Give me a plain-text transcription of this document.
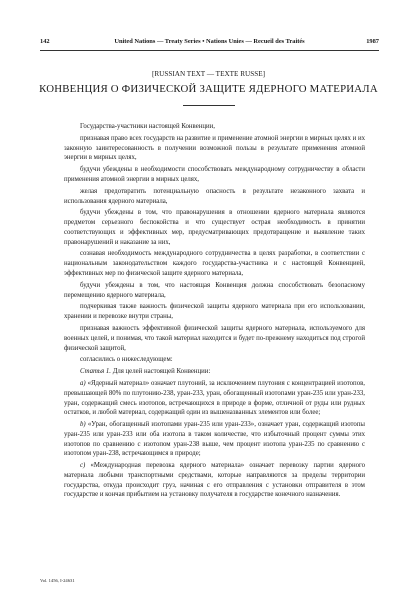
142	United Nations — Treaty Series • Nations Unies — Recueil des Traités	1987
[RUSSIAN TEXT — TEXTE RUSSE]
КОНВЕНЦИЯ О ФИЗИЧЕСКОЙ ЗАЩИТЕ ЯДЕРНОГО МАТЕРИАЛА

Государства-участники настоящей Конвенции,

признавая право всех государств на развитие и применение атомной энергии в мирных целях и их законную заинтересованность в получении возможной пользы в результате применения атомной энергии в мирных целях,

будучи убеждены в необходимости способствовать международному сотрудничеству в области применения атомной энергии в мирных целях,

желая предотвратить потенциальную опасность в результате незаконного захвата и использования ядерного материала,

будучи убеждены в том, что правонарушения в отношении ядерного материала являются предметом серьезного беспокойства и что существует острая необходимость в принятии соответствующих и эффективных мер, предусматривающих предотвращение и выявление таких правонарушений и наказание за них,

сознавая необходимость международного сотрудничества в целях разработки, в соответствии с национальным законодательством каждого государства-участника и с настоящей Конвенцией, эффективных мер по физической защите ядерного материала,

будучи убеждены в том, что настоящая Конвенция должна способствовать безопасному перемещению ядерного материала,

подчеркивая также важность физической защиты ядерного материала при его использовании, хранении и перевозке внутри страны,

признавая важность эффективной физической защиты ядерного материала, используемого для военных целей, и понимая, что такой материал находится и будет по-прежнему находиться под строгой физической защитой,

согласились о нижеследующем:

Статья 1. Для целей настоящей Конвенции:

a) «Ядерный материал» означает плутоний, за исключением плутония с концентрацией изотопов, превышающей 80% по плутонию-238, уран-233, уран, обогащенный изотопами уран-235 или уран-233, уран, содержащий смесь изотопов, встречающихся в природе в форме, отличной от руды или рудных остатков, и любой материал, содержащий один из вышеназванных элементов или более;

b) «Уран, обогащенный изотопами уран-235 или уран-233», означает уран, содержащий изотопы уран-235 или уран-233 или оба изотопа в таком количестве, что избыточный процент суммы этих изотопов по сравнению с изотопом уран-238 выше, чем процент изотопа уран-235 по сравнению с изотопом уран-238, встречающимся в природе;

c) «Международная перевозка ядерного материала» означает перевозку партии ядерного материала любыми транспортными средствами, которые направляются за пределы территории государства, откуда происходит груз, начиная с его отправления с установки отправителя в этом государстве и кончая прибытием на установку получателя в государстве конечного назначения.

Vol. 1456, I-24631
